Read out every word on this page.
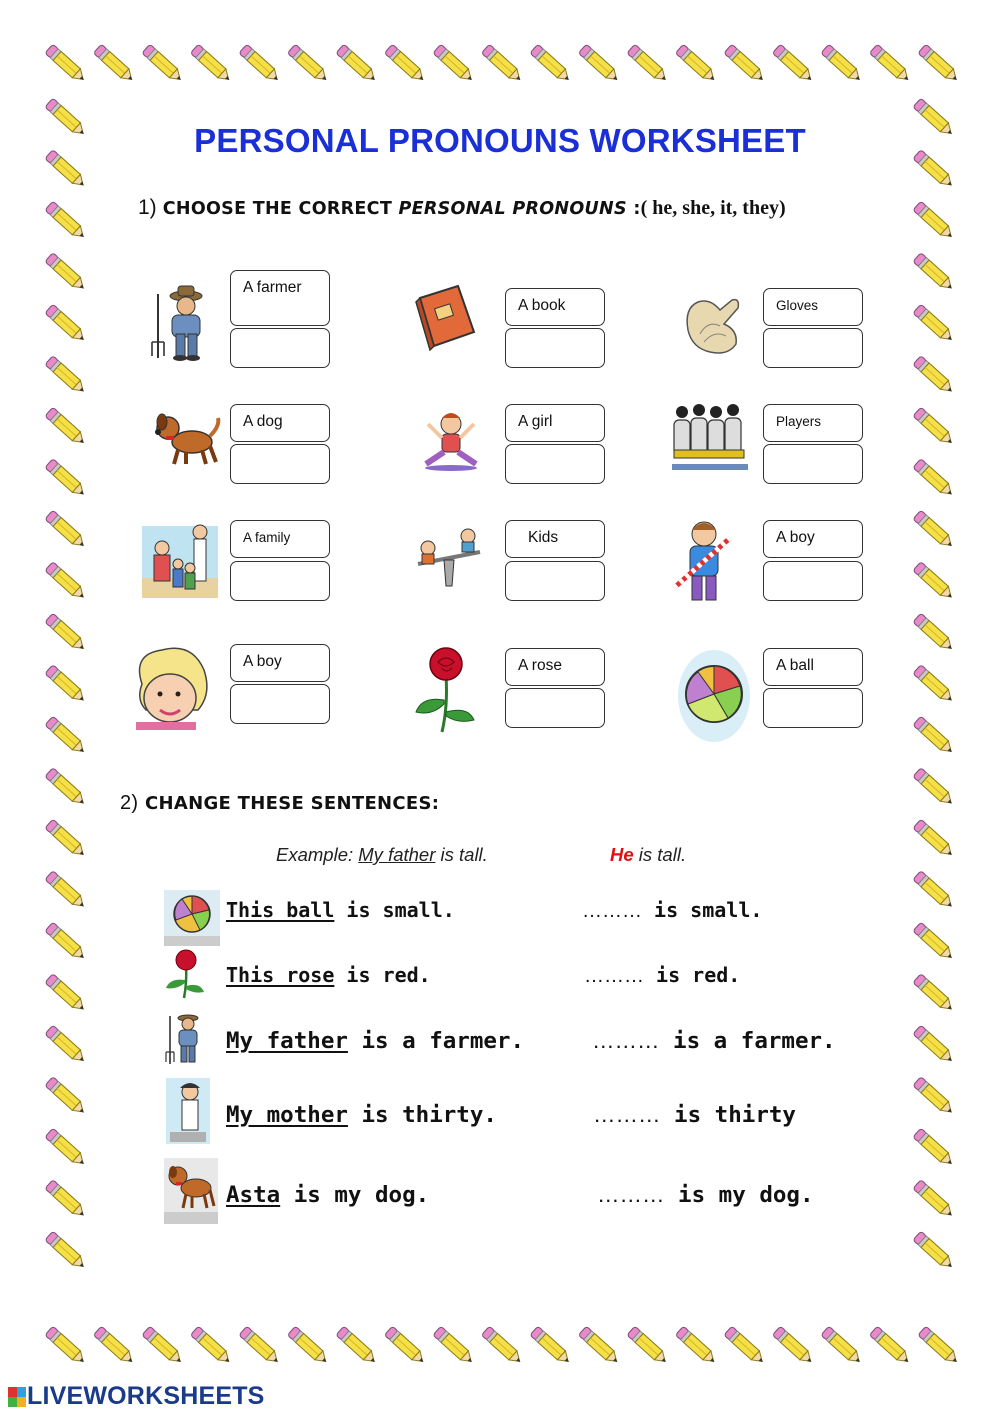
PERSONAL PRONOUNS WORKSHEET
1) CHOOSE THE CORRECT PERSONAL PRONOUNS :( he, she, it, they)
A farmer
A book	Gloves
A dog	A girl	Players
A family	Kids	A boy
A boy	A rose	A ball
2) CHANGE THESE SENTENCES:
Example: My father is tall.	He is tall.
This ball is small.	……… is small.
This rose is red.	……… is red.
My father is a farmer.	……… is a farmer.
My mother is thirty.	……… is thirty
Asta is my dog.	……… is my dog.
LIVEWORKSHEETS
